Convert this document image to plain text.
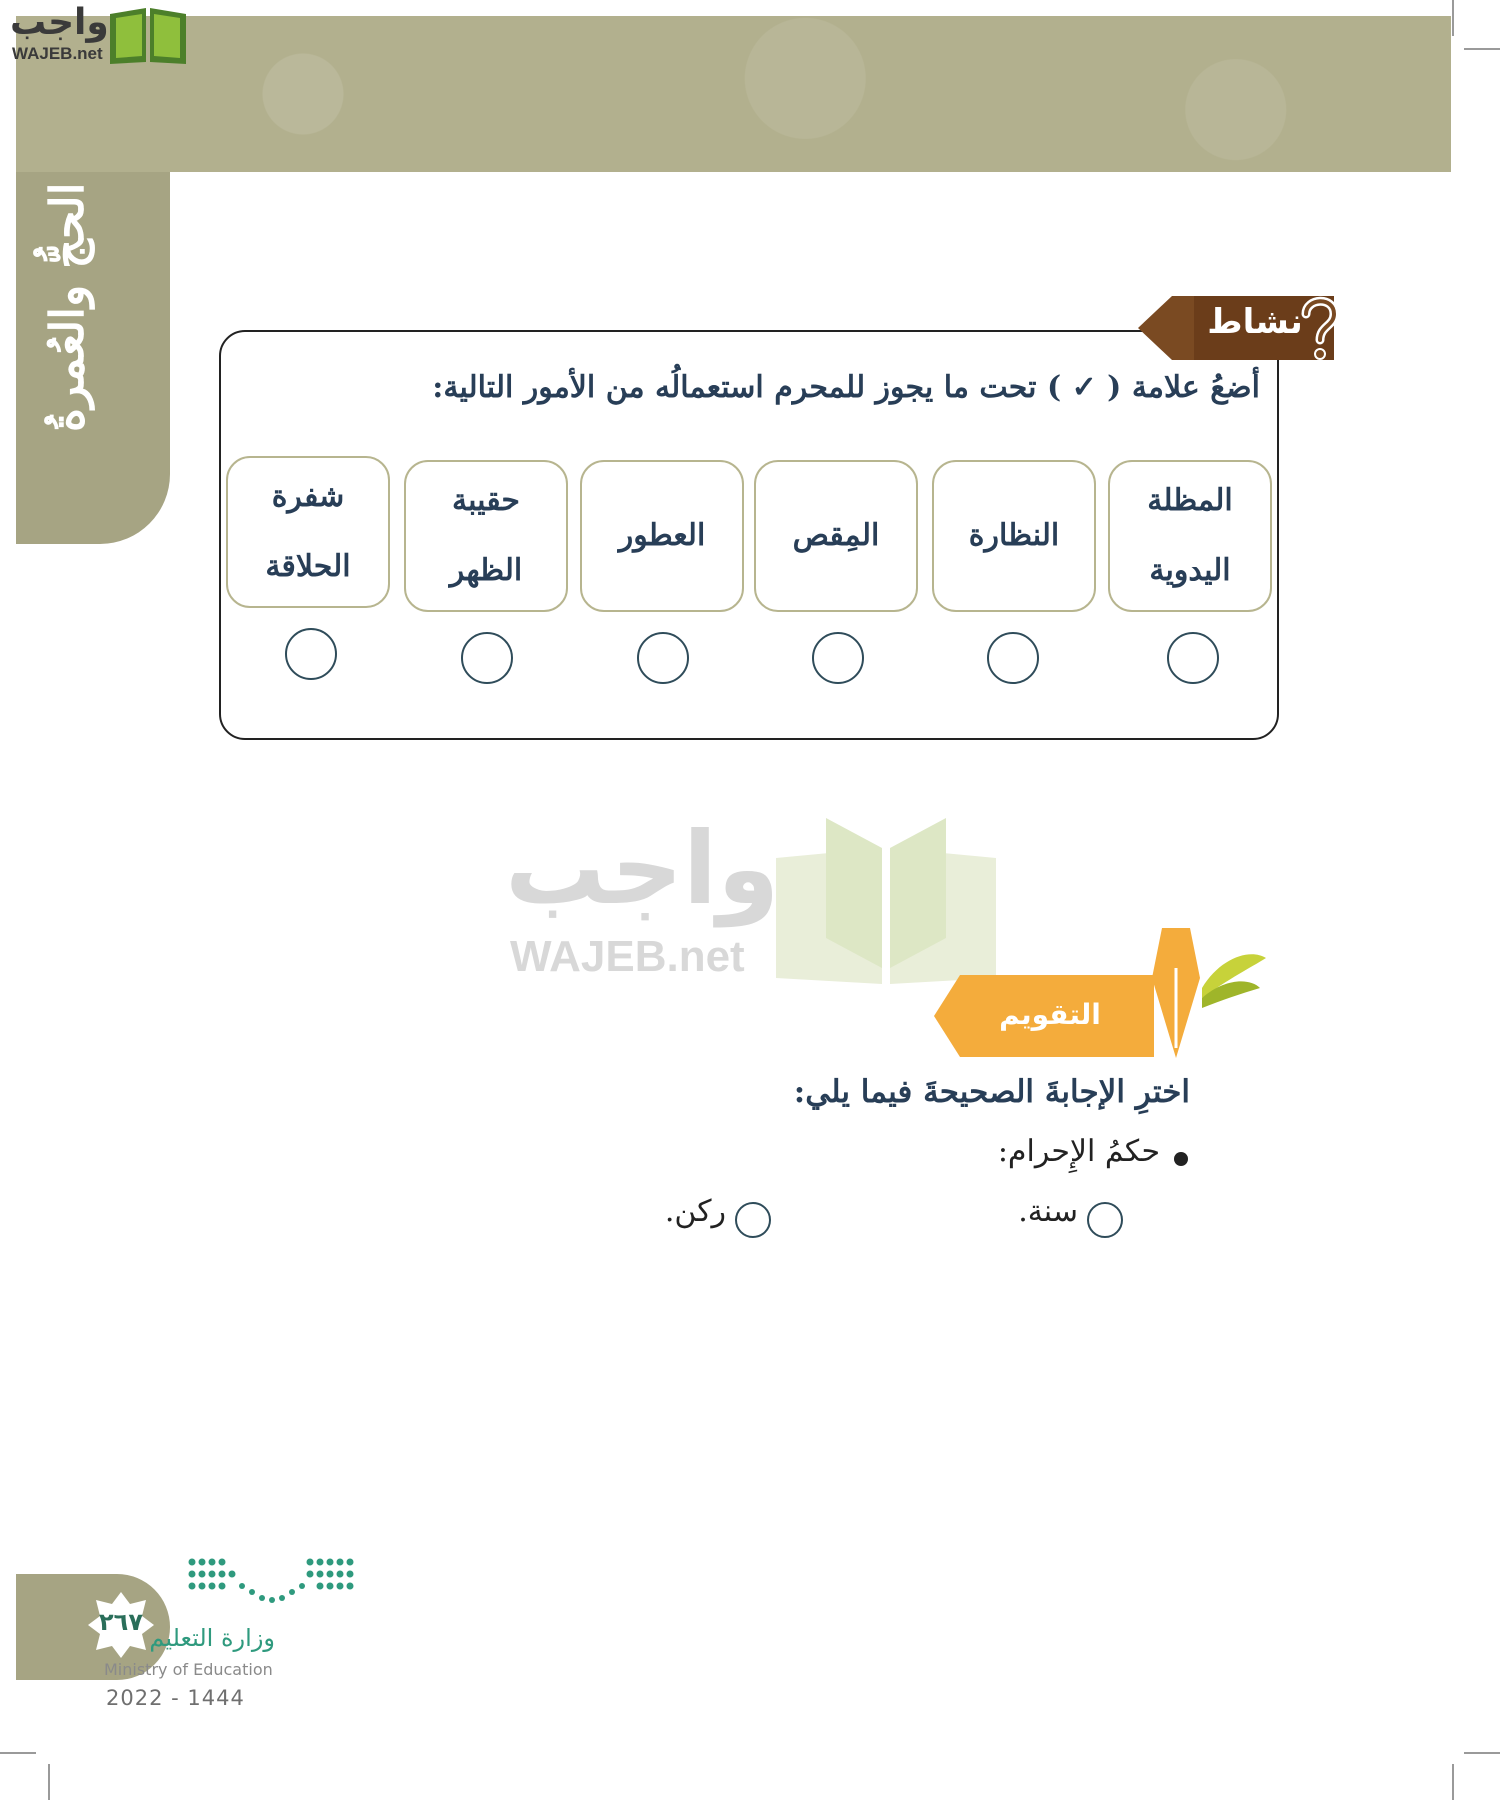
الحجُّ والعُمرةُ
واجب
WAJEB.net
نشاط
أضعُ علامة ( ✓ ) تحت ما يجوز للمحرم استعمالُه من الأمور التالية:
المظلة
اليدوية
النظارة
المِقص
العطور
حقيبة
الظهر
شفرة
الحلاقة
واجب
WAJEB.net
التقويم
اخترِ الإجابةَ الصحيحةَ فيما يلي:
حكمُ الإِحرام:
سنة.
ركن.
٢٦٧
وزارة التعليم
Ministry of Education
2022 - 1444
